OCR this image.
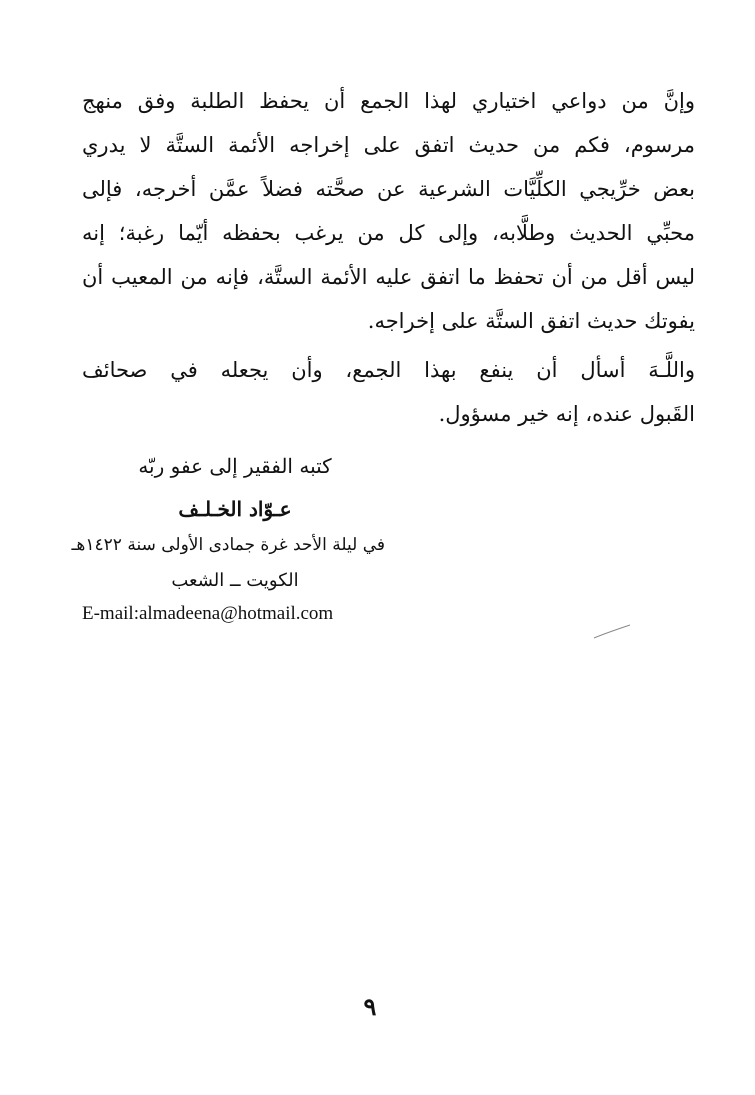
وإنَّ من دواعي اختياري لهذا الجمع أن يحفظ الطلبة وفق منهج
مرسوم، فكم من حديث اتفق على إخراجه الأئمة الستَّة لا يدري
بعض خرِّيجي الكلِّيَّات الشرعية عن صحَّته فضلاً عمَّن أخرجه، فإلى
محبِّي الحديث وطلَّابه، وإلى كل من يرغب بحفظه أيّما رغبة؛ إنه
ليس أقل من أن تحفظ ما اتفق عليه الأئمة الستَّة، فإنه من المعيب أن
يفوتك حديث اتفق الستَّة على إخراجه.
واللَّـهَ أسأل أن ينفع بهذا الجمع، وأن يجعله في صحائف
القَبول عنده، إنه خير مسؤول.
كتبه الفقير إلى عفو ربّه
عـوّاد الخـلـف
في ليلة الأحد غرة جمادى الأولى سنة ١٤٢٢هـ
الكويت ــ الشعب
E-mail:almadeena@hotmail.com
٩
